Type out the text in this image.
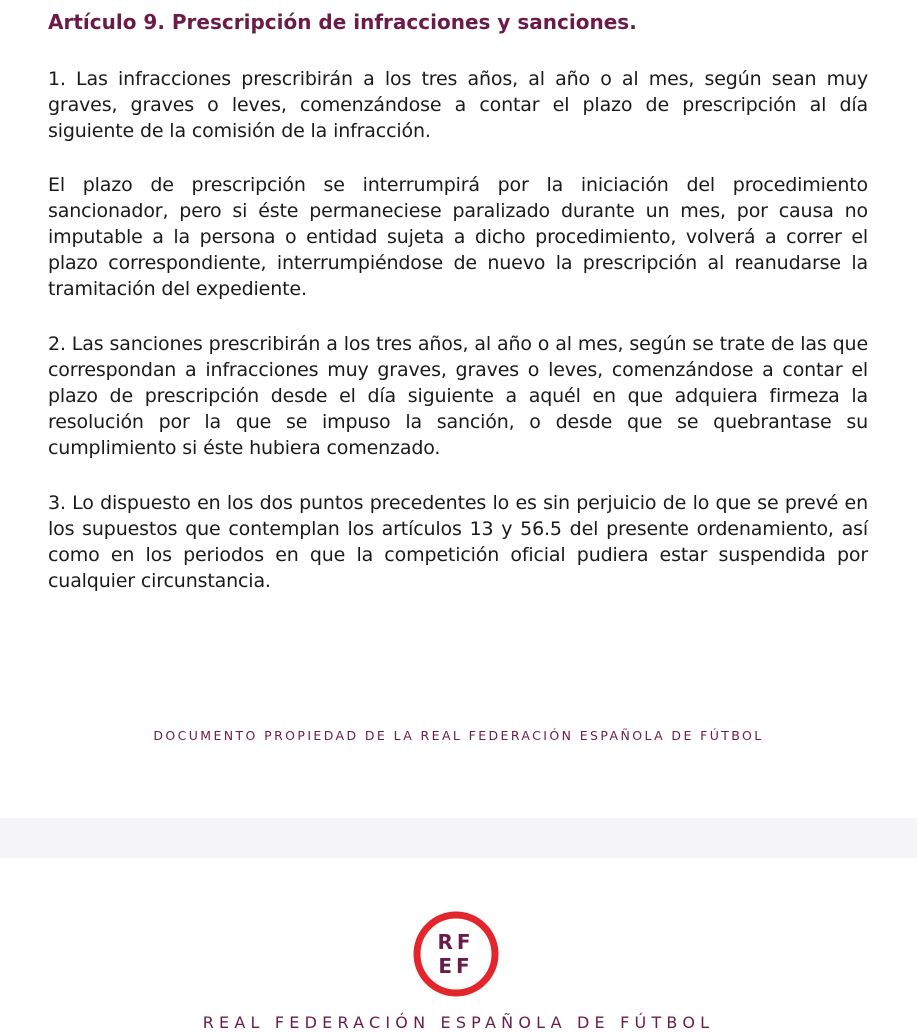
Artículo 9. Prescripción de infracciones y sanciones.

1. Las infracciones prescribirán a los tres años, al año o al mes, según sean muy graves, graves o leves, comenzándose a contar el plazo de prescripción al día siguiente de la comisión de la infracción.

El plazo de prescripción se interrumpirá por la iniciación del procedimiento sancionador, pero si éste permaneciese paralizado durante un mes, por causa no imputable a la persona o entidad sujeta a dicho procedimiento, volverá a correr el plazo correspondiente, interrumpiéndose de nuevo la prescripción al reanudarse la tramitación del expediente.

2. Las sanciones prescribirán a los tres años, al año o al mes, según se trate de las que correspondan a infracciones muy graves, graves o leves, comenzándose a contar el plazo de prescripción desde el día siguiente a aquél en que adquiera firmeza la resolución por la que se impuso la sanción, o desde que se quebrantase su cumplimiento si éste hubiera comenzado.

3. Lo dispuesto en los dos puntos precedentes lo es sin perjuicio de lo que se prevé en los supuestos que contemplan los artículos 13 y 56.5 del presente ordenamiento, así como en los periodos en que la competición oficial pudiera estar suspendida por cualquier circunstancia.

DOCUMENTO PROPIEDAD DE LA REAL FEDERACIÓN ESPAÑOLA DE FÚTBOL

RF
EF

REAL FEDERACIÓN ESPAÑOLA DE FÚTBOL
